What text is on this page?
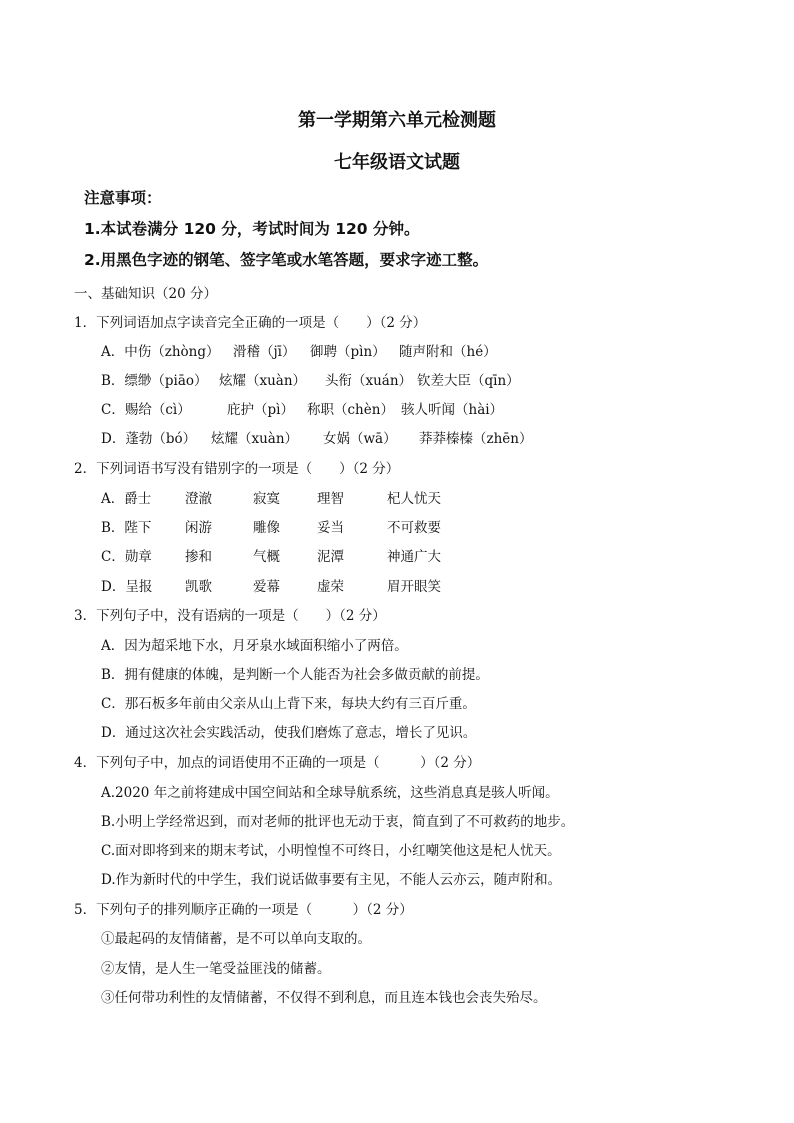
第一学期第六单元检测题
七年级语文试题
注意事项：
1.本试卷满分 120 分，考试时间为 120 分钟。
2.用黑色字迹的钢笔、签字笔或水笔答题，要求字迹工整。
一、基础知识（20 分）
1．下列词语加点字读音完全正确的一项是（　　）（2 分）
A．中伤（zhòng） 滑稽（jī） 御聘（pìn） 随声附和（hé）
B．缥缈（piāo） 炫耀（xuàn） 头衔（xuán） 钦差大臣（qīn）
C．赐给（cì）	庇护（pì） 称职（chèn） 骇人听闻（hài）
D．蓬勃（bó） 炫耀（xuàn） 女娲（wā） 莽莽榛榛（zhēn）
2．下列词语书写没有错别字的一项是（　　）（2 分）
A．爵士	澄澈	寂寞	理智	杞人忧天
B．陛下 闲游	雕像	妥当	不可救要
C．勋章 掺和	气概	泥潭	神通广大
D．呈报 凯歌	爱幕	虚荣	眉开眼笑
3．下列句子中，没有语病的一项是（　　）（2 分）
A．因为超采地下水，月牙泉水域面积缩小了两倍。
B．拥有健康的体魄，是判断一个人能否为社会多做贡献的前提。
C．那石板多年前由父亲从山上背下来，每块大约有三百斤重。
D．通过这次社会实践活动，使我们磨炼了意志，增长了见识。
4．下列句子中，加点的词语使用不正确的一项是（　　　）（2 分）
A.2020 年之前将建成中国空间站和全球导航系统，这些消息真是骇人听闻。
B.小明上学经常迟到，而对老师的批评也无动于衷，简直到了不可救药的地步。
C.面对即将到来的期末考试，小明惶惶不可终日，小红嘲笑他这是杞人忧天。
D.作为新时代的中学生，我们说话做事要有主见，不能人云亦云，随声附和。
5．下列句子的排列顺序正确的一项是（　　　）（2 分）
①最起码的友情储蓄，是不可以单向支取的。
②友情，是人生一笔受益匪浅的储蓄。
③任何带功利性的友情储蓄，不仅得不到利息，而且连本钱也会丧失殆尽。
